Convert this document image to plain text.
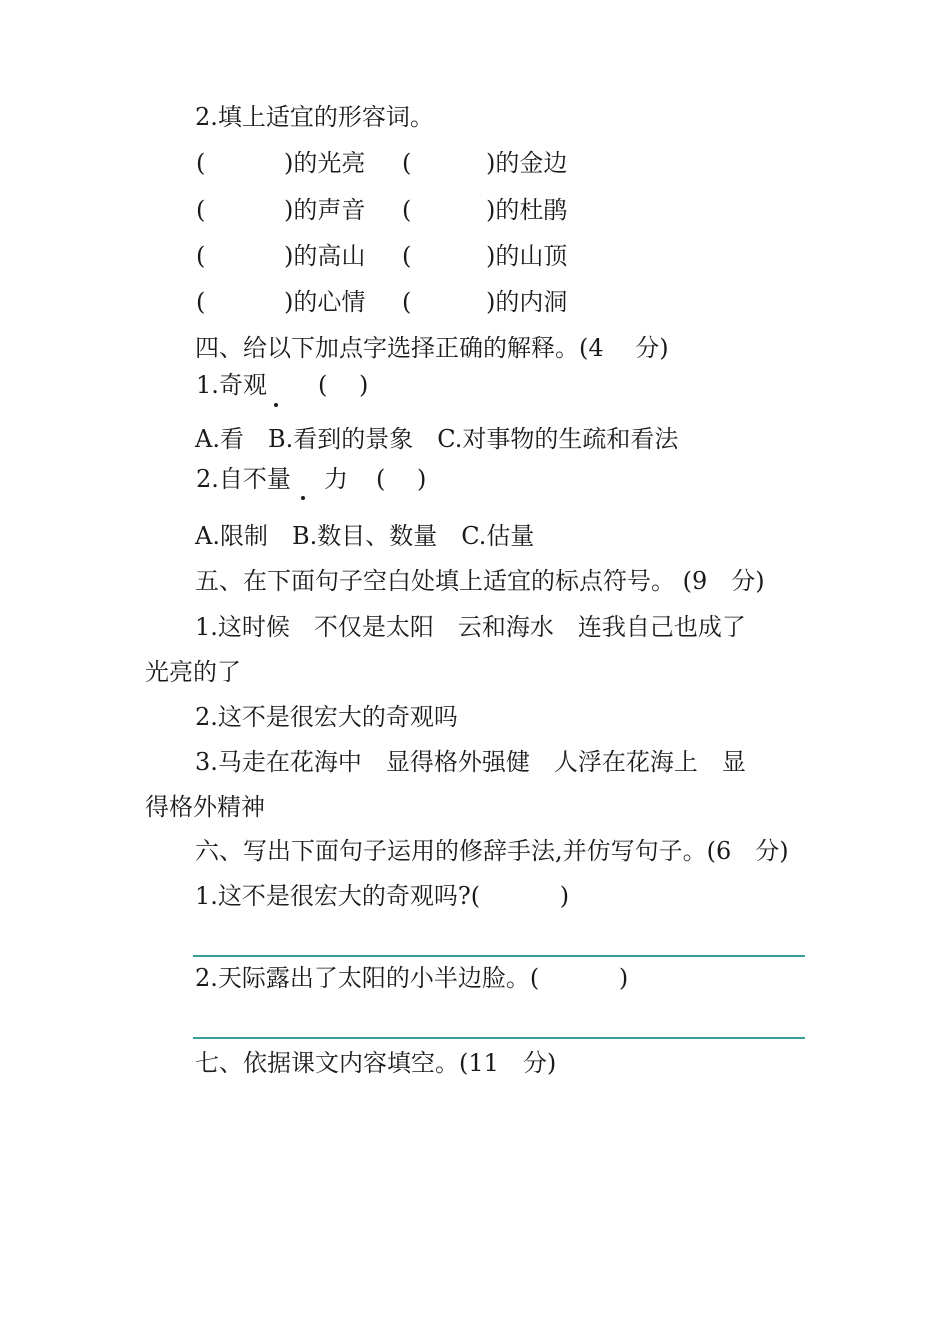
2.填上适宜的形容词。
(	)的光亮 (	)的金边
(	)的声音 (	)的杜鹃
(	)的高山 (	)的山顶
(	)的心情 (	)的内洞
四、给以下加点字选择正确的解释。(4　 分)
1.奇观 (　 )
A.看　B.看到的景象　C.对事物的生疏和看法
2.自不量 力 (　 )
A.限制　B.数目、数量　C.估量
五、在下面句子空白处填上适宜的标点符号。 (9　分)
1.这时候　不仅是太阳　云和海水　连我自己也成了
光亮的了
2.这不是很宏大的奇观吗
3.马走在花海中　显得格外强健　人浮在花海上　显
得格外精神
六、写出下面句子运用的修辞手法,并仿写句子。(6　分)
1.这不是很宏大的奇观吗?(　　　 )
2.天际露出了太阳的小半边脸。(　　　 )
七、依据课文内容填空。(11　分)
